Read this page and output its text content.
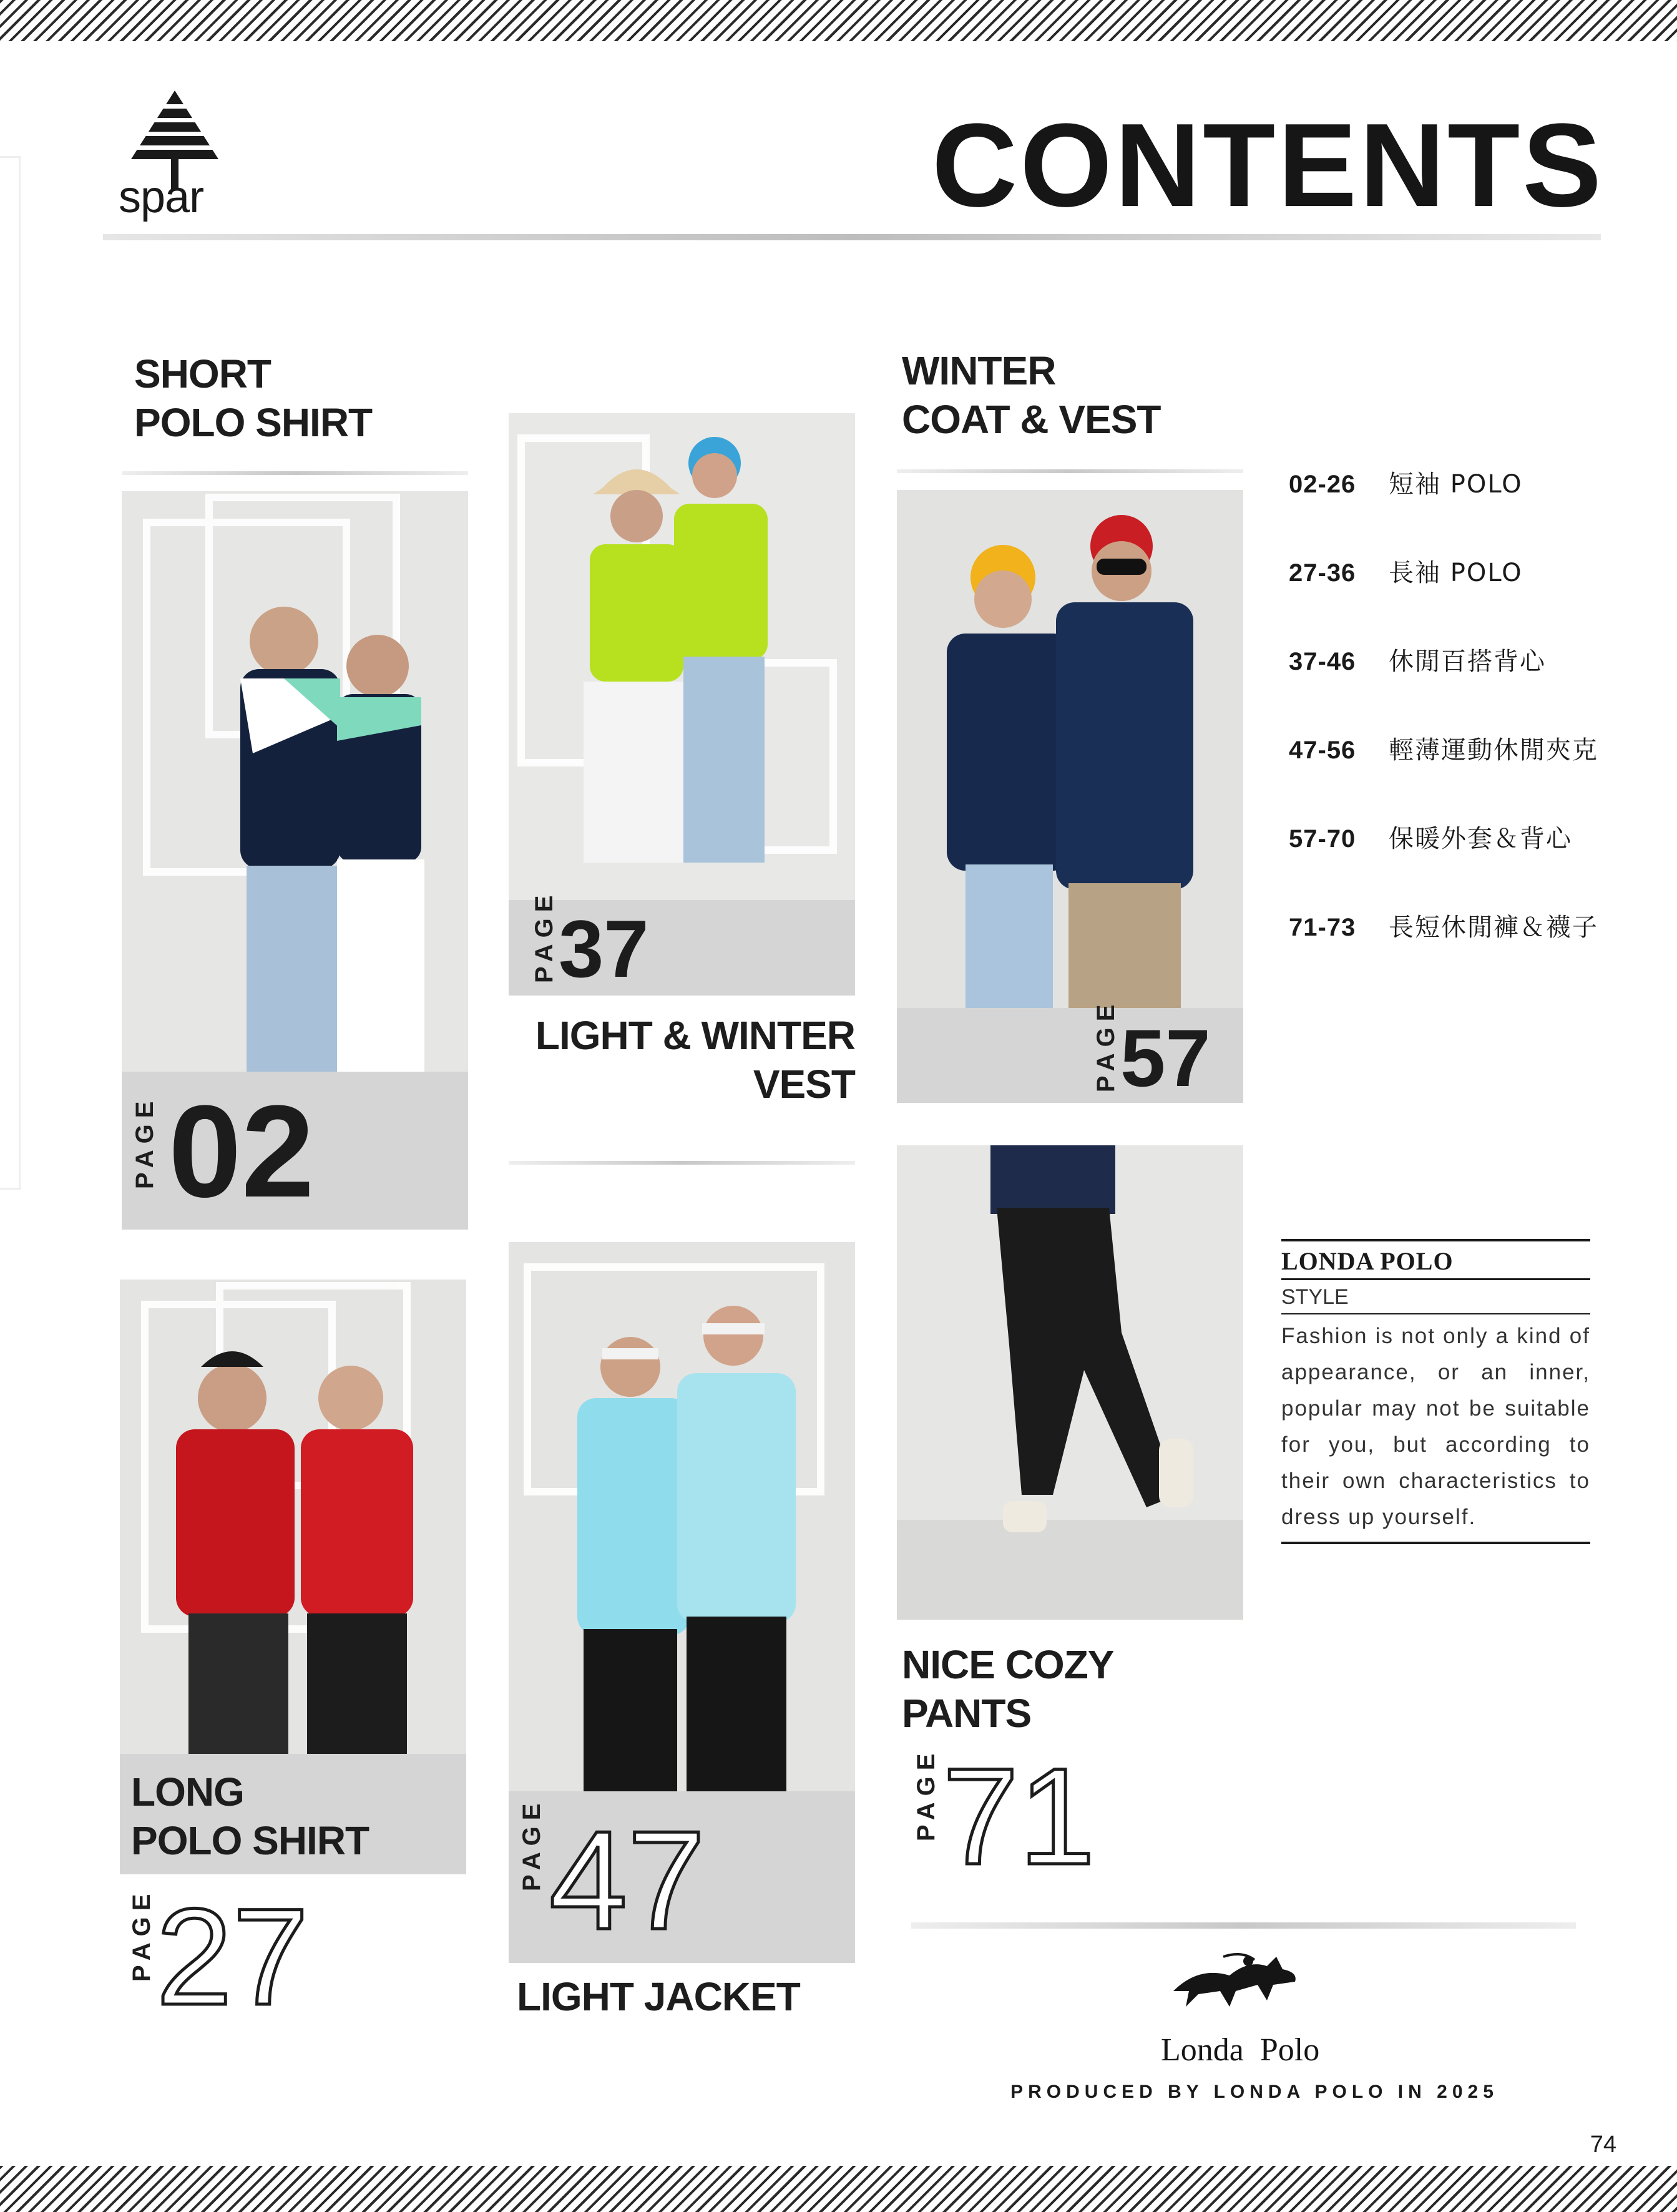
spar	CONTENTS
SHORT
POLO SHIRT
PAGE 02
LONG
POLO SHIRT
PAGE 27
PAGE 37
LIGHT & WINTER
VEST
PAGE 47
LIGHT JACKET
WINTER
COAT & VEST
PAGE 57
02-26	短袖 POLO
27-36	長袖 POLO
37-46	休閒百搭背心
47-56	輕薄運動休閒夾克
57-70	保暖外套＆背心
71-73	長短休閒褲＆襪子
NICE COZY
PANTS
PAGE 71
LONDA POLO
STYLE
Fashion is not only a kind of appearance, or an inner, popular may not be suitable for you, but according to their own characteristics to dress up yourself.
Londa  Polo
PRODUCED BY LONDA POLO IN 2025
74
